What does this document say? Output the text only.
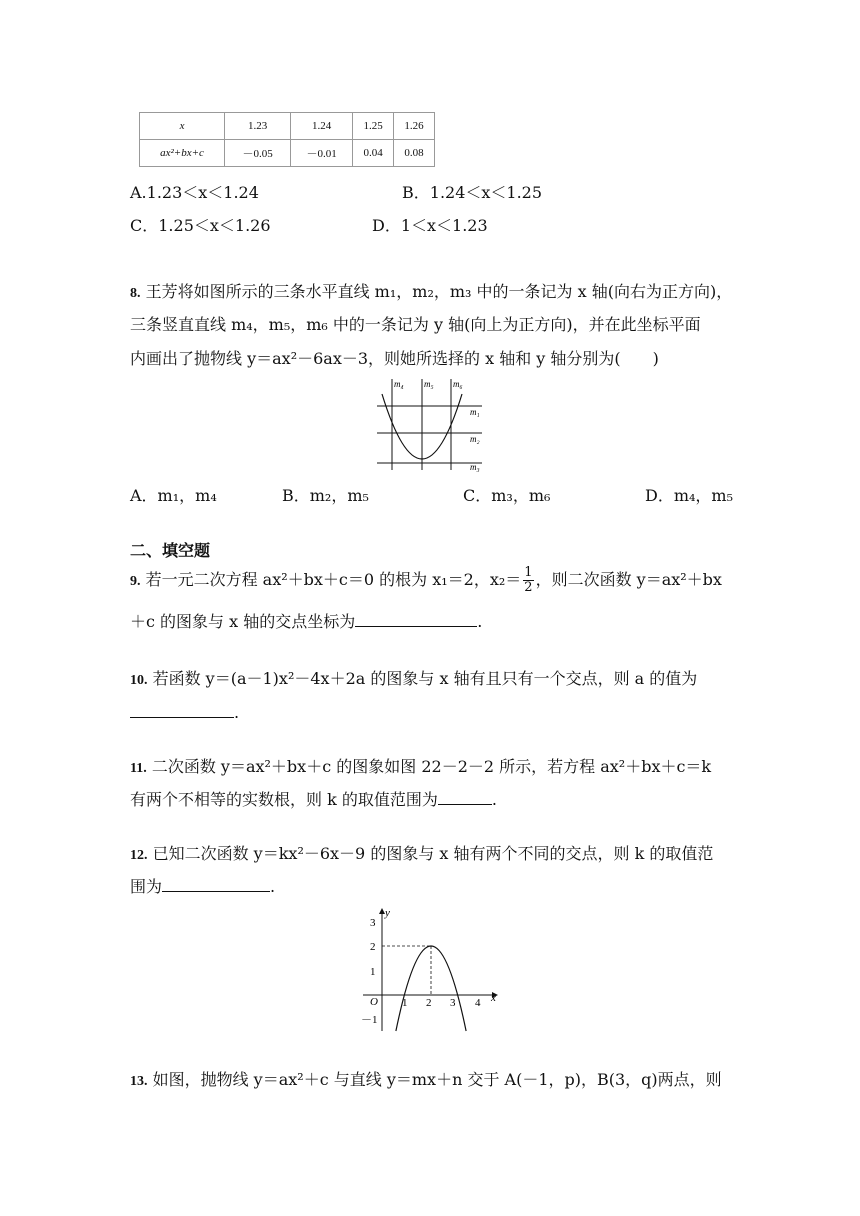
x	1.23	1.24	1.25	1.26
ax²+bx+c	－0.05	－0.01	0.04	0.08
A.1.23＜x＜1.24	B．1.24＜x＜1.25
C．1.25＜x＜1.26	D．1＜x＜1.23
8. 王芳将如图所示的三条水平直线 m₁，m₂，m₃ 中的一条记为 x 轴(向右为正方向)，
三条竖直直线 m₄，m₅，m₆ 中的一条记为 y 轴(向上为正方向)，并在此坐标平面
内画出了抛物线 y＝ax²－6ax－3，则她所选择的 x 轴和 y 轴分别为(　　)
m₄ m₅ m₆
m₁
m₂
m₃
A．m₁，m₄	B．m₂，m₅	C．m₃，m₆	D．m₄，m₅
二、填空题
9. 若一元二次方程 ax²＋bx＋c＝0 的根为 x₁＝2，$x_2= \frac{1}{2}$ ，则二次函数 y＝ax²＋bx
＋c 的图象与 x 轴的交点坐标为	.
10. 若函数 y＝(a－1)x²－4x＋2a 的图象与 x 轴有且只有一个交点，则 a 的值为
.
11. 二次函数 y＝ax²＋bx＋c 的图象如图 22－2－2 所示，若方程 ax²＋bx＋c＝k
有两个不相等的实数根，则 k 的取值范围为	.
12. 已知二次函数 y＝kx²－6x－9 的图象与 x 轴有两个不同的交点，则 k 的取值范
围为	.
y
x
O
3
2
1
－1
1 2 3 4
13. 如图，抛物线 y＝ax²＋c 与直线 y＝mx＋n 交于 A(－1，p)，B(3，q)两点，则
